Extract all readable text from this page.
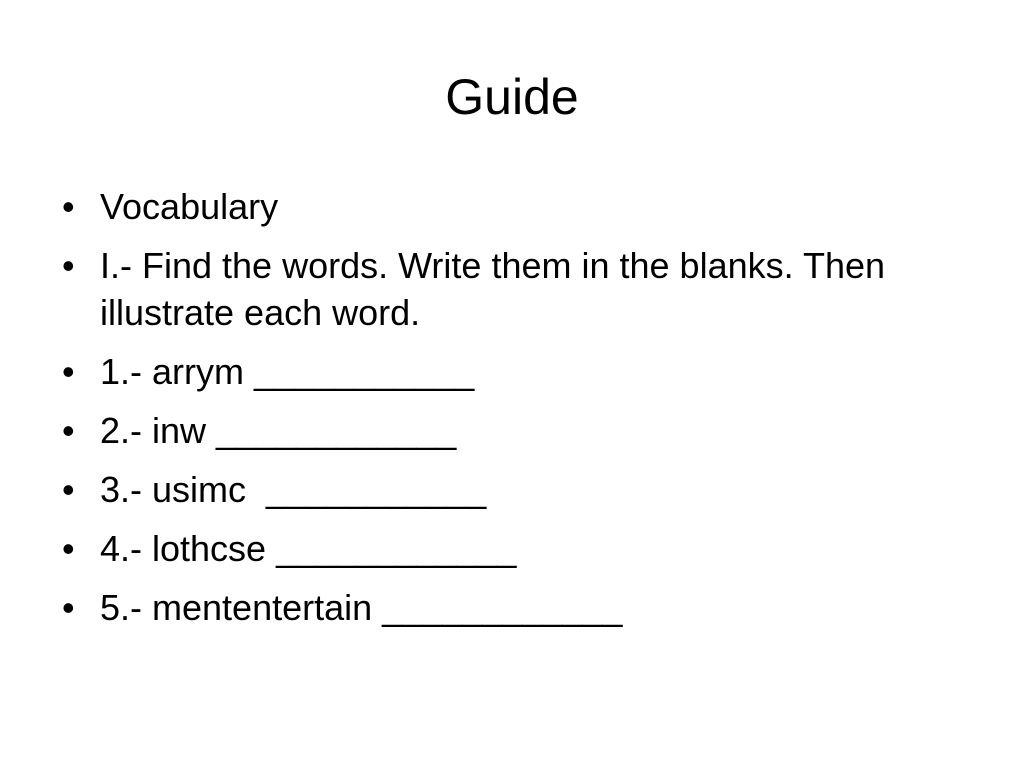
Guide
• Vocabulary
• I.- Find the words. Write them in the blanks. Then illustrate each word.
• 1.- arrym ___________
• 2.- inw ____________
• 3.- usimc  ___________
• 4.- lothcse ____________
• 5.- mententertain ____________
